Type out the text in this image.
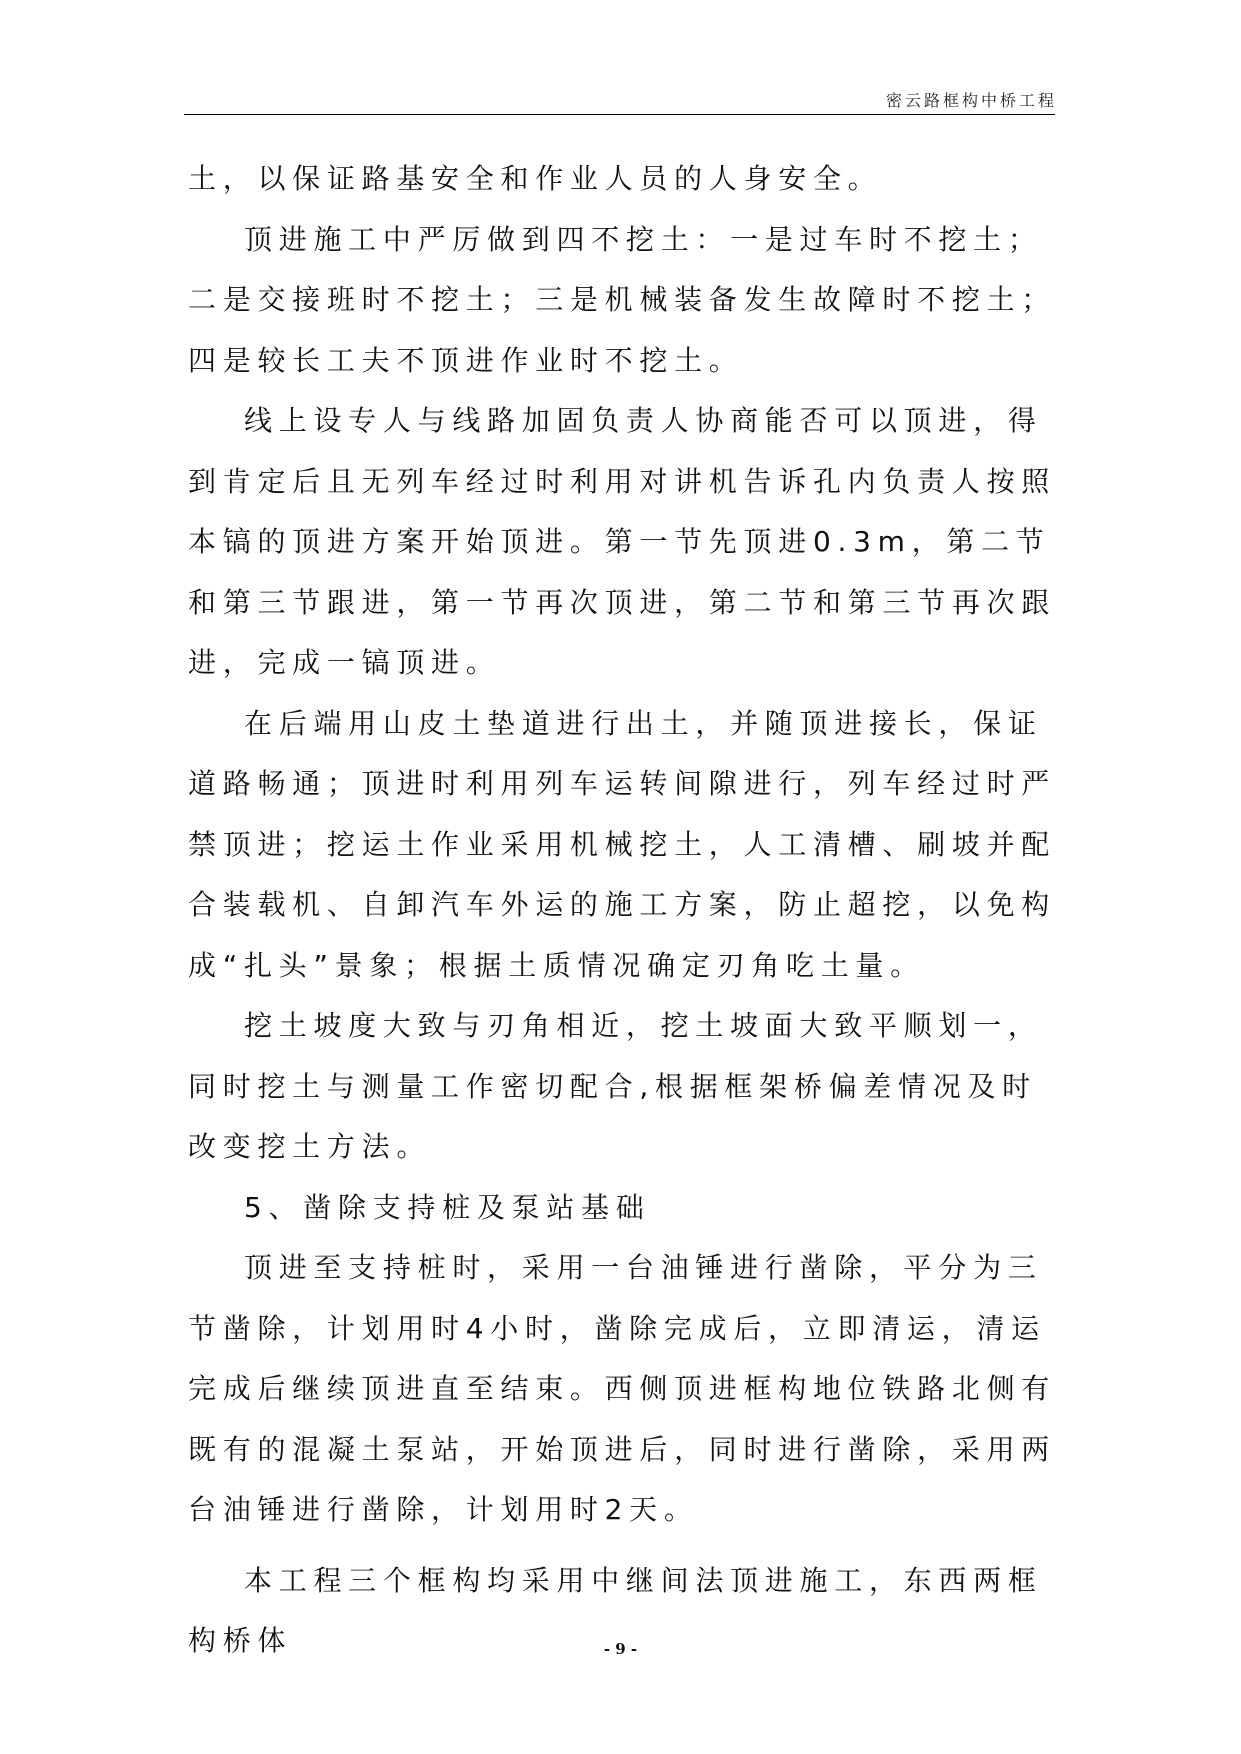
密云路框构中桥工程

土，以保证路基安全和作业人员的人身安全。

顶进施工中严厉做到四不挖土：一是过车时不挖土；二是交接班时不挖土；三是机械装备发生故障时不挖土；四是较长工夫不顶进作业时不挖土。

线上设专人与线路加固负责人协商能否可以顶进，得到肯定后且无列车经过时利用对讲机告诉孔内负责人按照本镐的顶进方案开始顶进。第一节先顶进0.3m，第二节和第三节跟进，第一节再次顶进，第二节和第三节再次跟进，完成一镐顶进。

在后端用山皮土垫道进行出土，并随顶进接长，保证道路畅通；顶进时利用列车运转间隙进行，列车经过时严禁顶进；挖运土作业采用机械挖土，人工清槽、刷坡并配合装载机、自卸汽车外运的施工方案，防止超挖，以免构成“扎头”景象；根据土质情况确定刃角吃土量。

挖土坡度大致与刃角相近，挖土坡面大致平顺划一，同时挖土与测量工作密切配合,根据框架桥偏差情况及时改变挖土方法。

5、凿除支持桩及泵站基础

顶进至支持桩时，采用一台油锤进行凿除，平分为三节凿除，计划用时4小时，凿除完成后，立即清运，清运完成后继续顶进直至结束。西侧顶进框构地位铁路北侧有既有的混凝土泵站，开始顶进后，同时进行凿除，采用两台油锤进行凿除，计划用时2天。

本工程三个框构均采用中继间法顶进施工，东西两框构桥体	- 9 -
